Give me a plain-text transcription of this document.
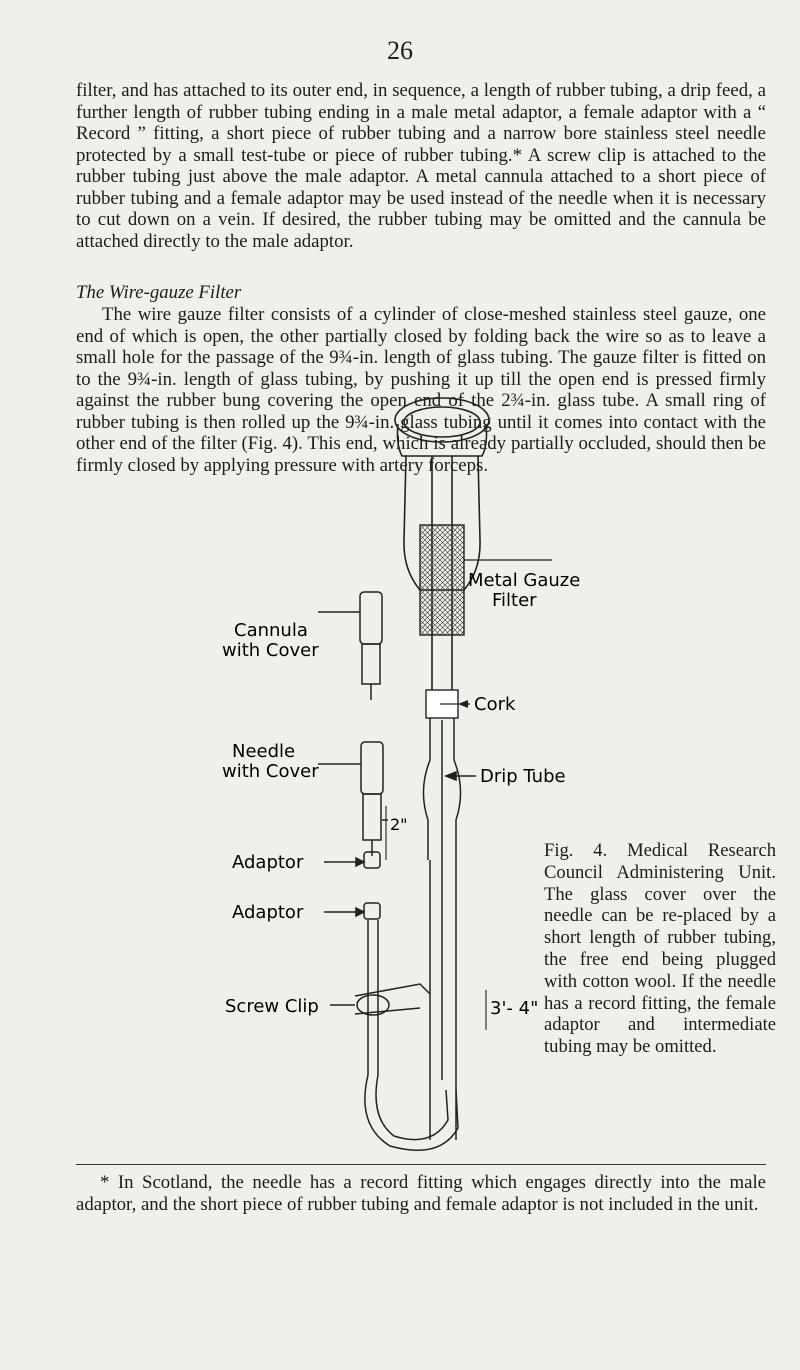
26

filter, and has attached to its outer end, in sequence, a length of rubber tubing, a drip feed, a further length of rubber tubing ending in a male metal adaptor, a female adaptor with a “ Record ” fitting, a short piece of rubber tubing and a narrow bore stainless steel needle protected by a small test-tube or piece of rubber tubing.* A screw clip is attached to the rubber tubing just above the male adaptor. A metal cannula attached to a short piece of rubber tubing and a female adaptor may be used instead of the needle when it is necessary to cut down on a vein. If desired, the rubber tubing may be omitted and the cannula be attached directly to the male adaptor.

The Wire-gauze Filter

The wire gauze filter consists of a cylinder of close-meshed stainless steel gauze, one end of which is open, the other partially closed by folding back the wire so as to leave a small hole for the passage of the 9¾-in. length of glass tubing. The gauze filter is fitted on to the 9¾-in. length of glass tubing, by pushing it up till the open end is pressed firmly against the rubber bung covering the open end of the 2¾-in. glass tube. A small ring of rubber tubing is then rolled up the 9¾-in. glass tubing until it comes into contact with the other end of the filter (Fig. 4). This end, which is already partially occluded, should then be firmly closed by applying pressure with artery forceps.

Metal Gauze
Filter
Cannula
with Cover
Cork
Needle
with Cover	Drip Tube
2"
Adaptor
Adaptor
Screw Clip	3'- 4"

Fig. 4. Medical Research Council Administering Unit. The glass cover over the needle can be re-placed by a short length of rubber tubing, the free end being plugged with cotton wool. If the needle has a record fitting, the female adaptor and intermediate tubing may be omitted.

* In Scotland, the needle has a record fitting which engages directly into the male adaptor, and the short piece of rubber tubing and female adaptor is not included in the unit.
